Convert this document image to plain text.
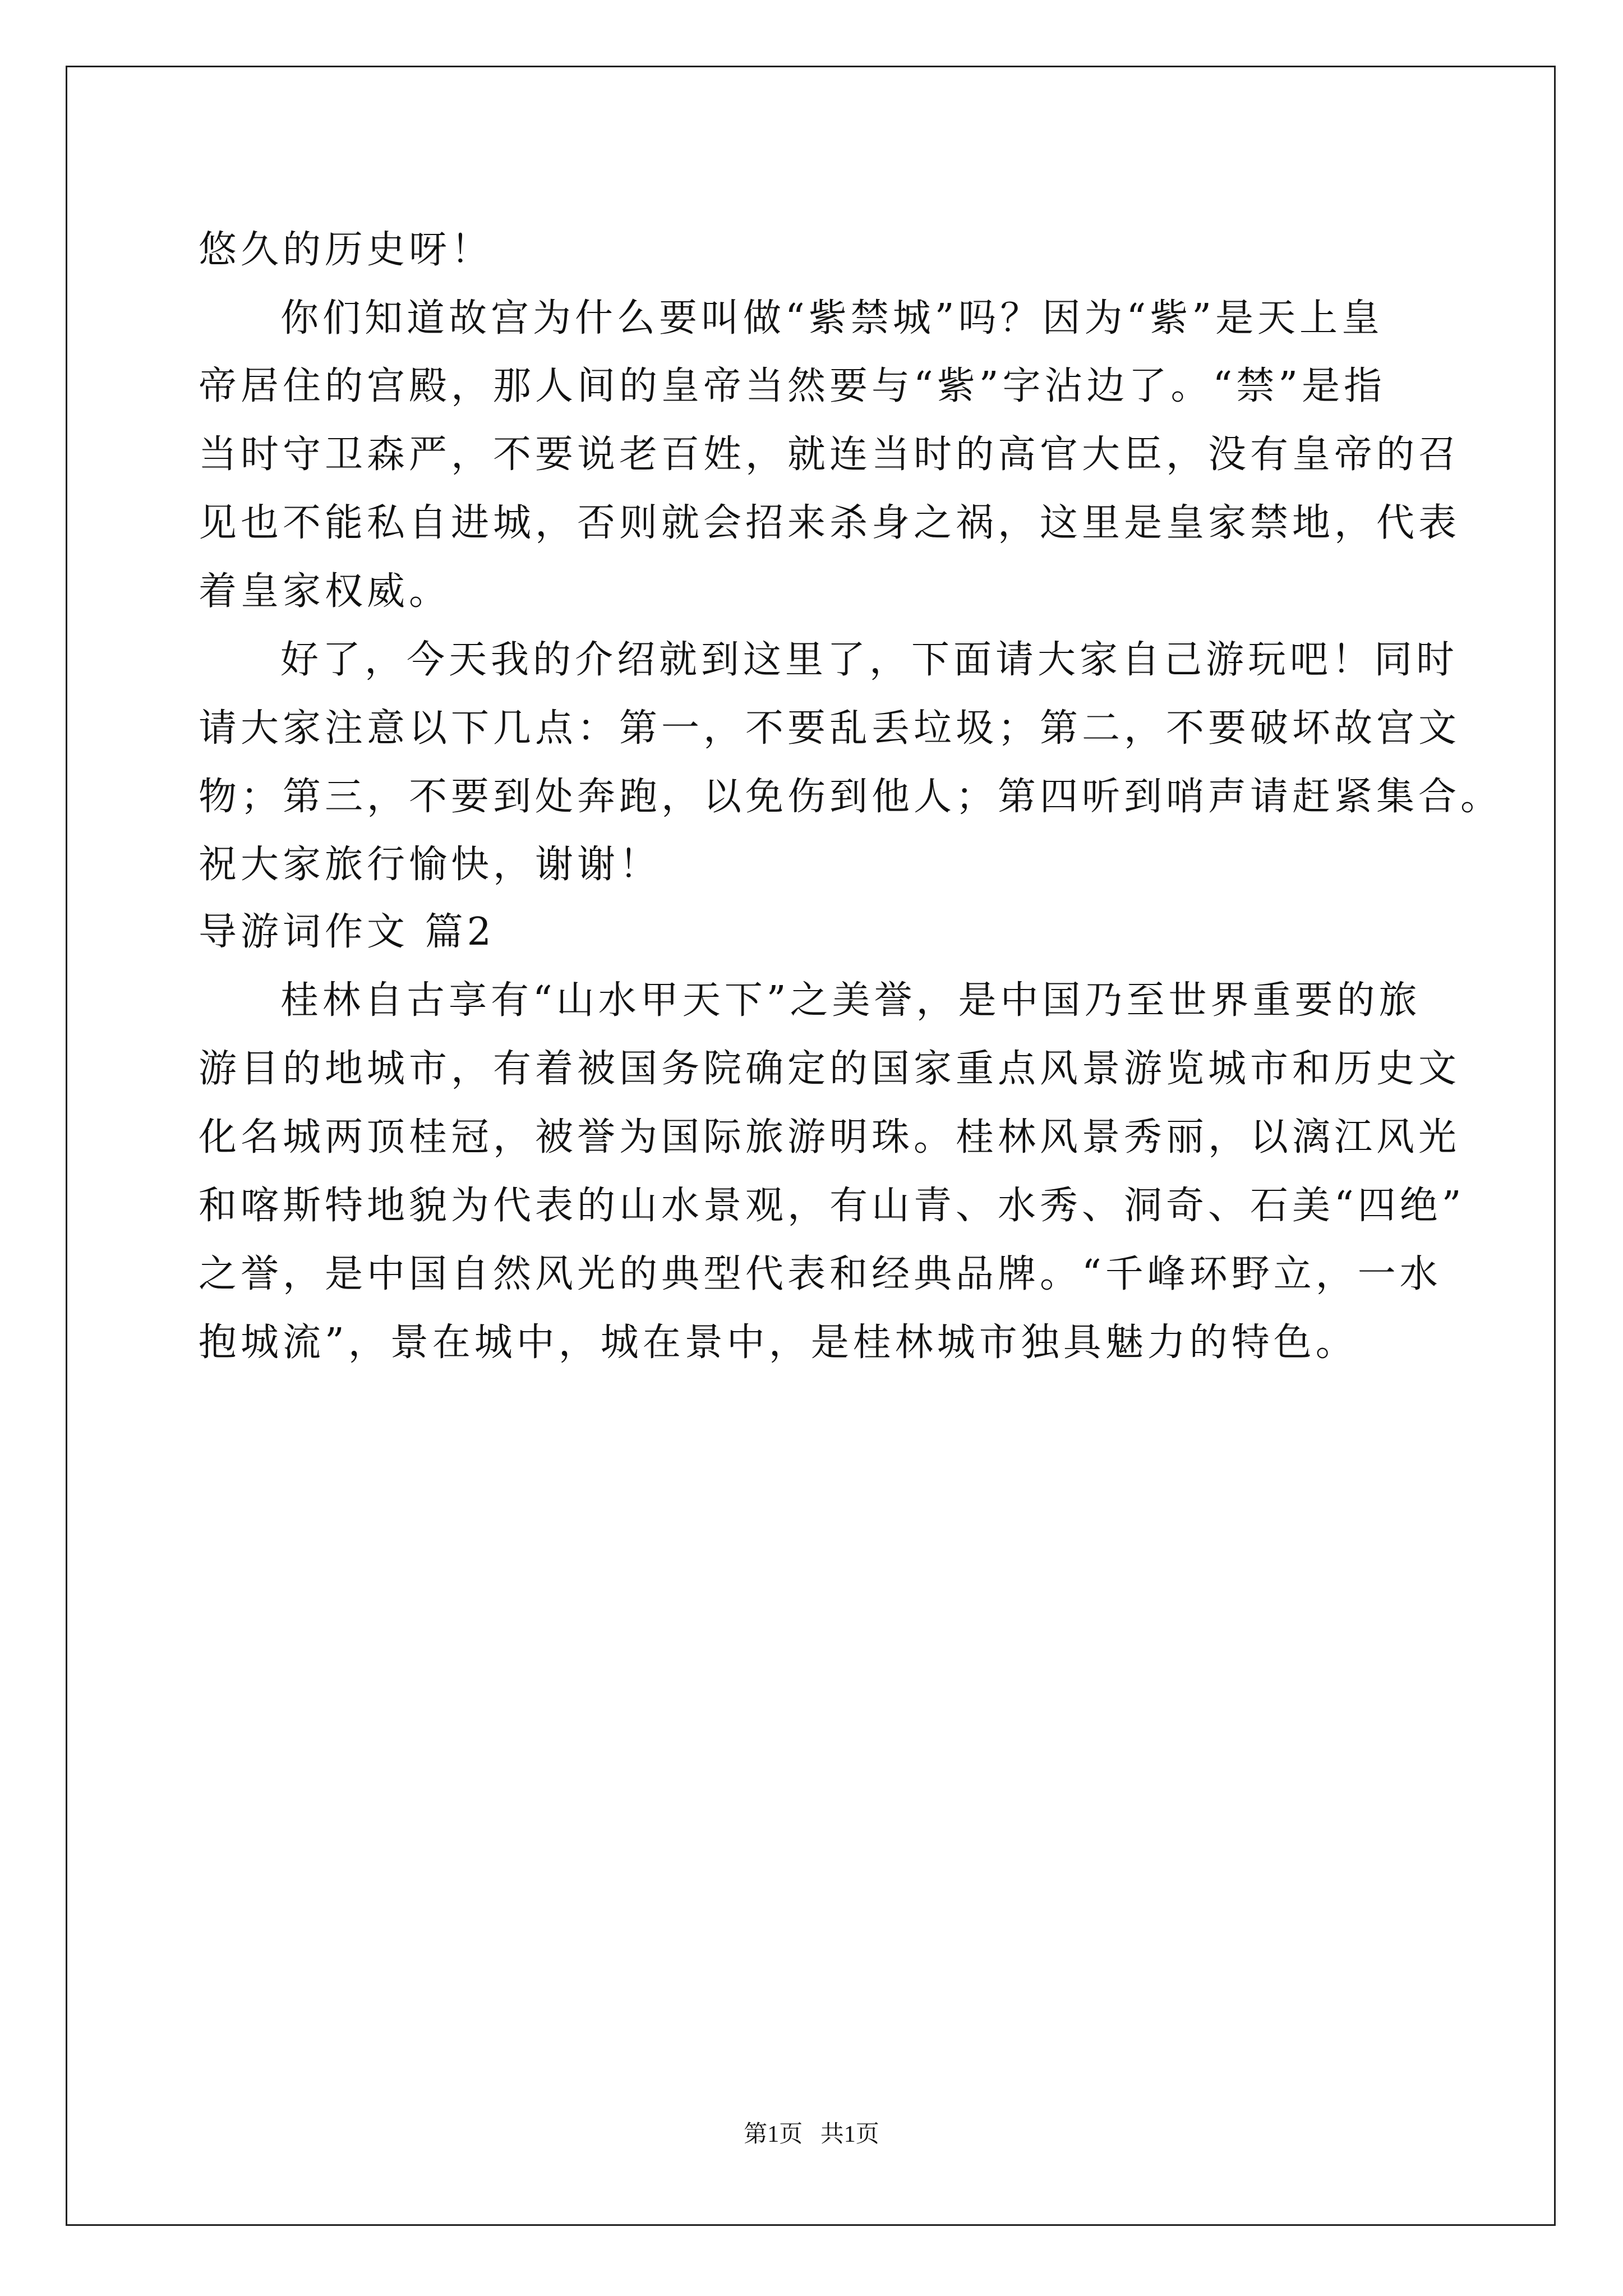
悠久的历史呀！
你们知道故宫为什么要叫做“紫禁城”吗？因为“紫”是天上皇
帝居住的宫殿，那人间的皇帝当然要与“紫”字沾边了。“禁”是指
当时守卫森严，不要说老百姓，就连当时的高官大臣，没有皇帝的召
见也不能私自进城，否则就会招来杀身之祸，这里是皇家禁地，代表
着皇家权威。
好了，今天我的介绍就到这里了，下面请大家自己游玩吧！同时
请大家注意以下几点：第一，不要乱丢垃圾；第二，不要破坏故宫文
物；第三，不要到处奔跑，以免伤到他人；第四听到哨声请赶紧集合。
祝大家旅行愉快，谢谢！
导游词作文 篇2
桂林自古享有“山水甲天下”之美誉，是中国乃至世界重要的旅
游目的地城市，有着被国务院确定的国家重点风景游览城市和历史文
化名城两顶桂冠，被誉为国际旅游明珠。桂林风景秀丽，以漓江风光
和喀斯特地貌为代表的山水景观，有山青、水秀、洞奇、石美“四绝”
之誉，是中国自然风光的典型代表和经典品牌。“千峰环野立，一水
抱城流”，景在城中，城在景中，是桂林城市独具魅力的特色。
第1页   共1页
